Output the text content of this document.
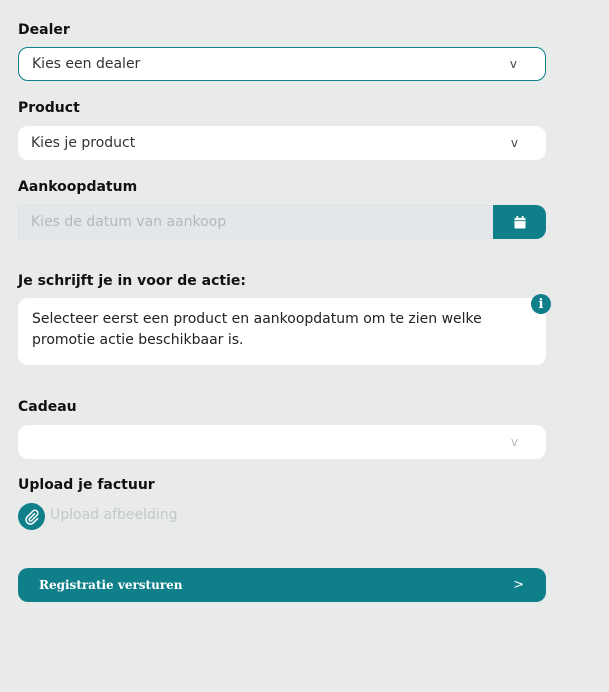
Dealer
Kies een dealer	v
Product
Kies je product	v
Aankoopdatum
Kies de datum van aankoop
Je schrijft je in voor de actie:
Selecteer eerst een product en aankoopdatum om te zien welke promotie actie beschikbaar is.
i
Cadeau
v
Upload je factuur
Upload afbeelding
Registratie versturen	>
